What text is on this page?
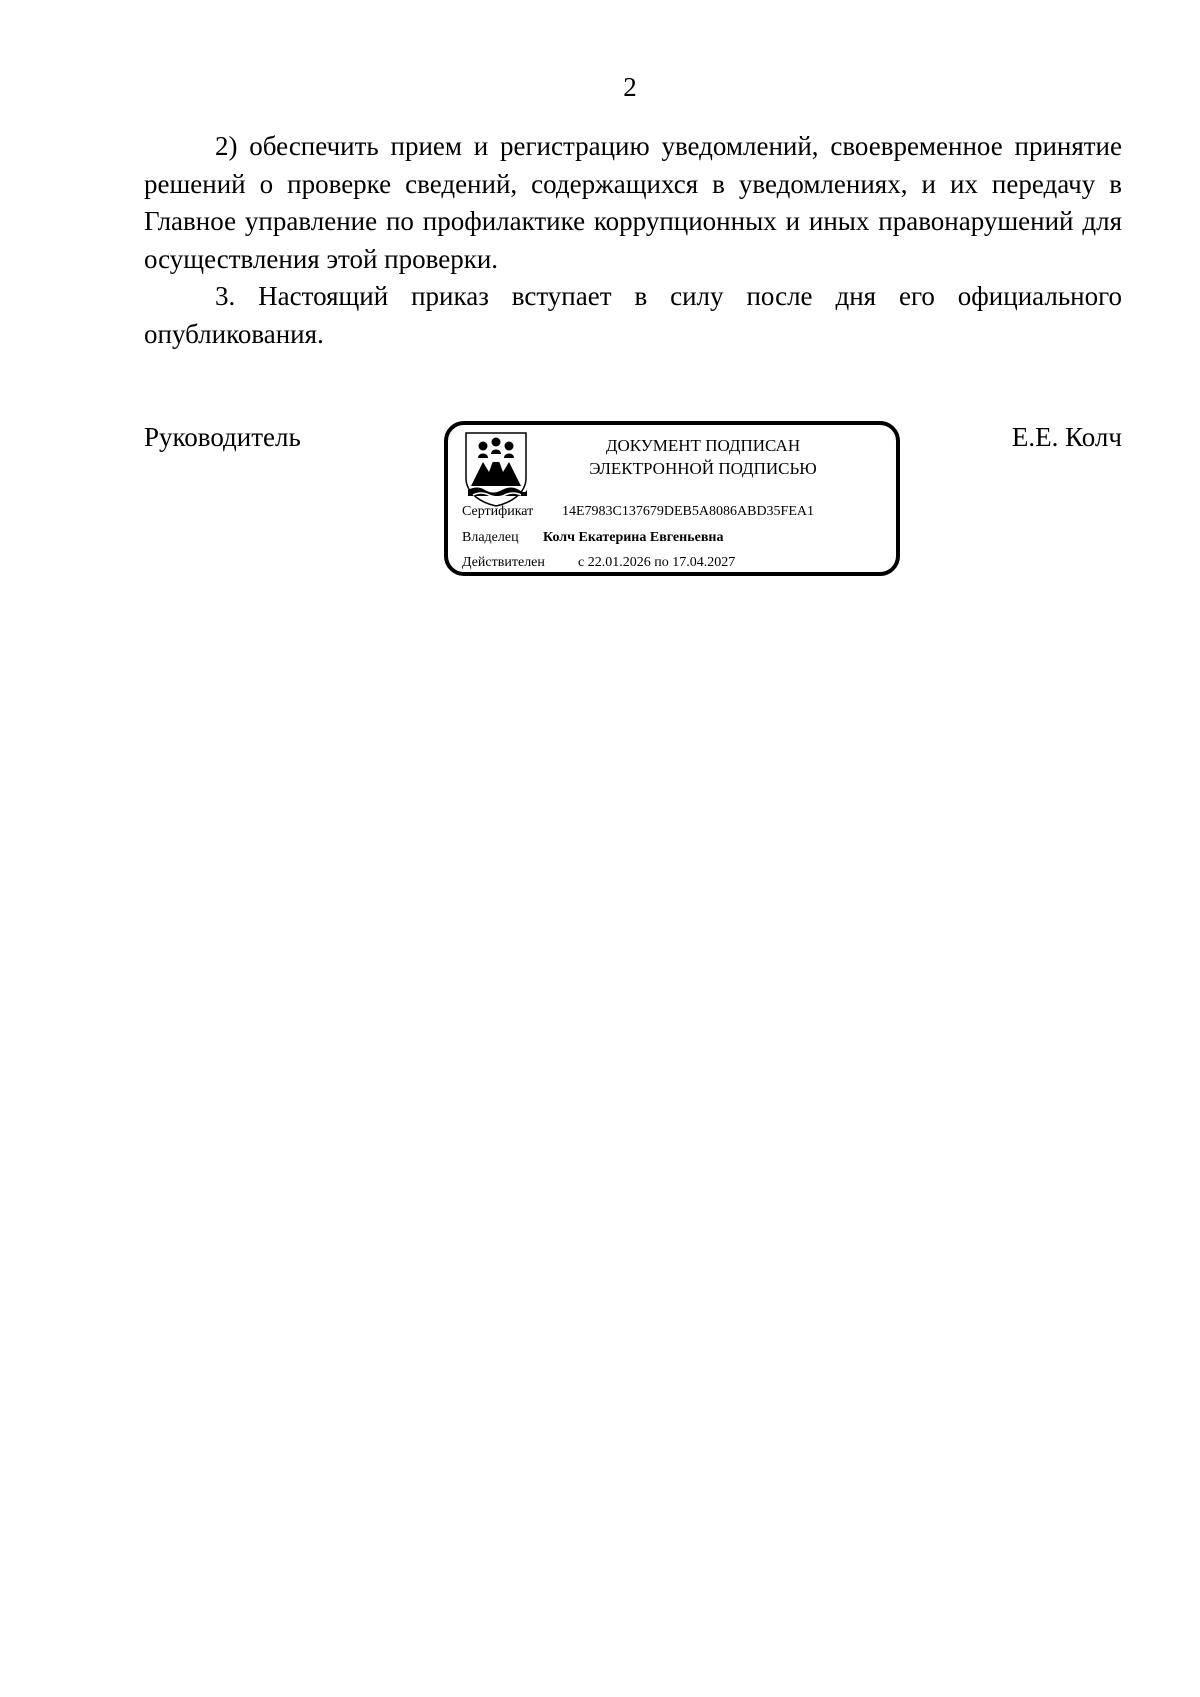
2

2) обеспечить прием и регистрацию уведомлений, своевременное принятие решений о проверке сведений, содержащихся в уведомлениях, и их передачу в Главное управление по профилактике коррупционных и иных правонарушений для осуществления этой проверки.

3. Настоящий приказ вступает в силу после дня его официального опубликования.

Руководитель	ДОКУМЕНТ ПОДПИСАН
ЭЛЕКТРОННОЙ ПОДПИСЬЮ
Сертификат 14E7983C137679DEB5A8086ABD35FEA1
Владелец Колч Екатерина Евгеньевна
Действителен с 22.01.2026 по 17.04.2027
Е.Е. Колч
